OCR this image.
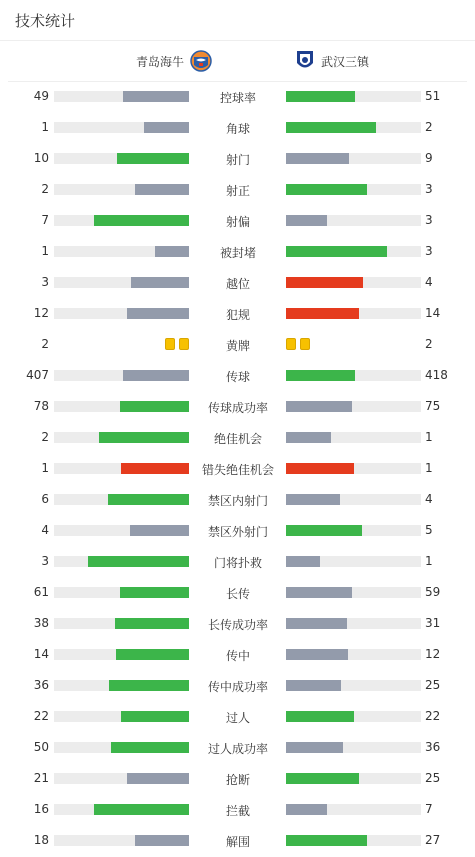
技术统计
青岛海牛	武汉三镇
49	控球率	51
1	角球	2
10	射门	9
2	射正	3
7	射偏	3
1	被封堵	3
3	越位	4
12	犯规	14
2	黄牌	2
407	传球	418
78	传球成功率	75
2	绝佳机会	1
1	错失绝佳机会	1
6	禁区内射门	4
4	禁区外射门	5
3	门将扑救	1
61	长传	59
38	长传成功率	31
14	传中	12
36	传中成功率	25
22	过人	22
50	过人成功率	36
21	抢断	25
16	拦截	7
18	解围	27
